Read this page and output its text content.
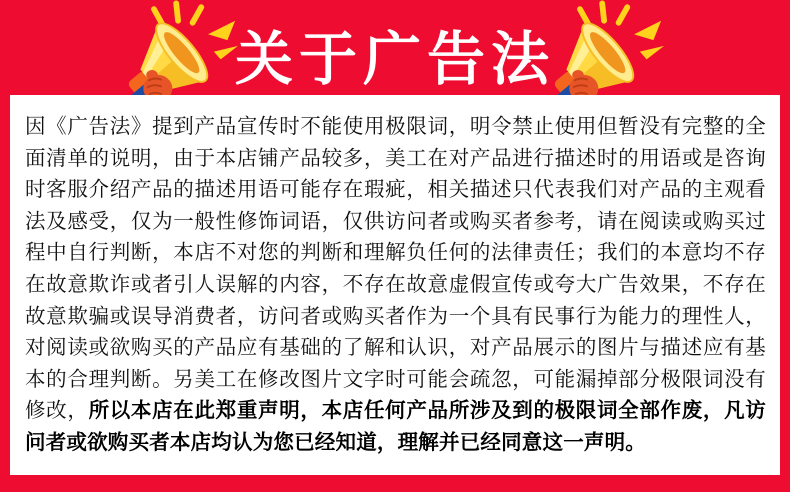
关于广告法

因《广告法》提到产品宣传时不能使用极限词，明令禁止使用但暂没有完整的全面清单的说明，由于本店铺产品较多，美工在对产品进行描述时的用语或是咨询时客服介绍产品的描述用语可能存在瑕疵，相关描述只代表我们对产品的主观看法及感受，仅为一般性修饰词语，仅供访问者或购买者参考，请在阅读或购买过程中自行判断，本店不对您的判断和理解负任何的法律责任；我们的本意均不存在故意欺诈或者引人误解的内容，不存在故意虚假宣传或夸大广告效果，不存在故意欺骗或误导消费者，访问者或购买者作为一个具有民事行为能力的理性人，对阅读或欲购买的产品应有基础的了解和认识，对产品展示的图片与描述应有基本的合理判断。另美工在修改图片文字时可能会疏忽，可能漏掉部分极限词没有修改，所以本店在此郑重声明，本店任何产品所涉及到的极限词全部作废，凡访问者或欲购买者本店均认为您已经知道，理解并已经同意这一声明。
